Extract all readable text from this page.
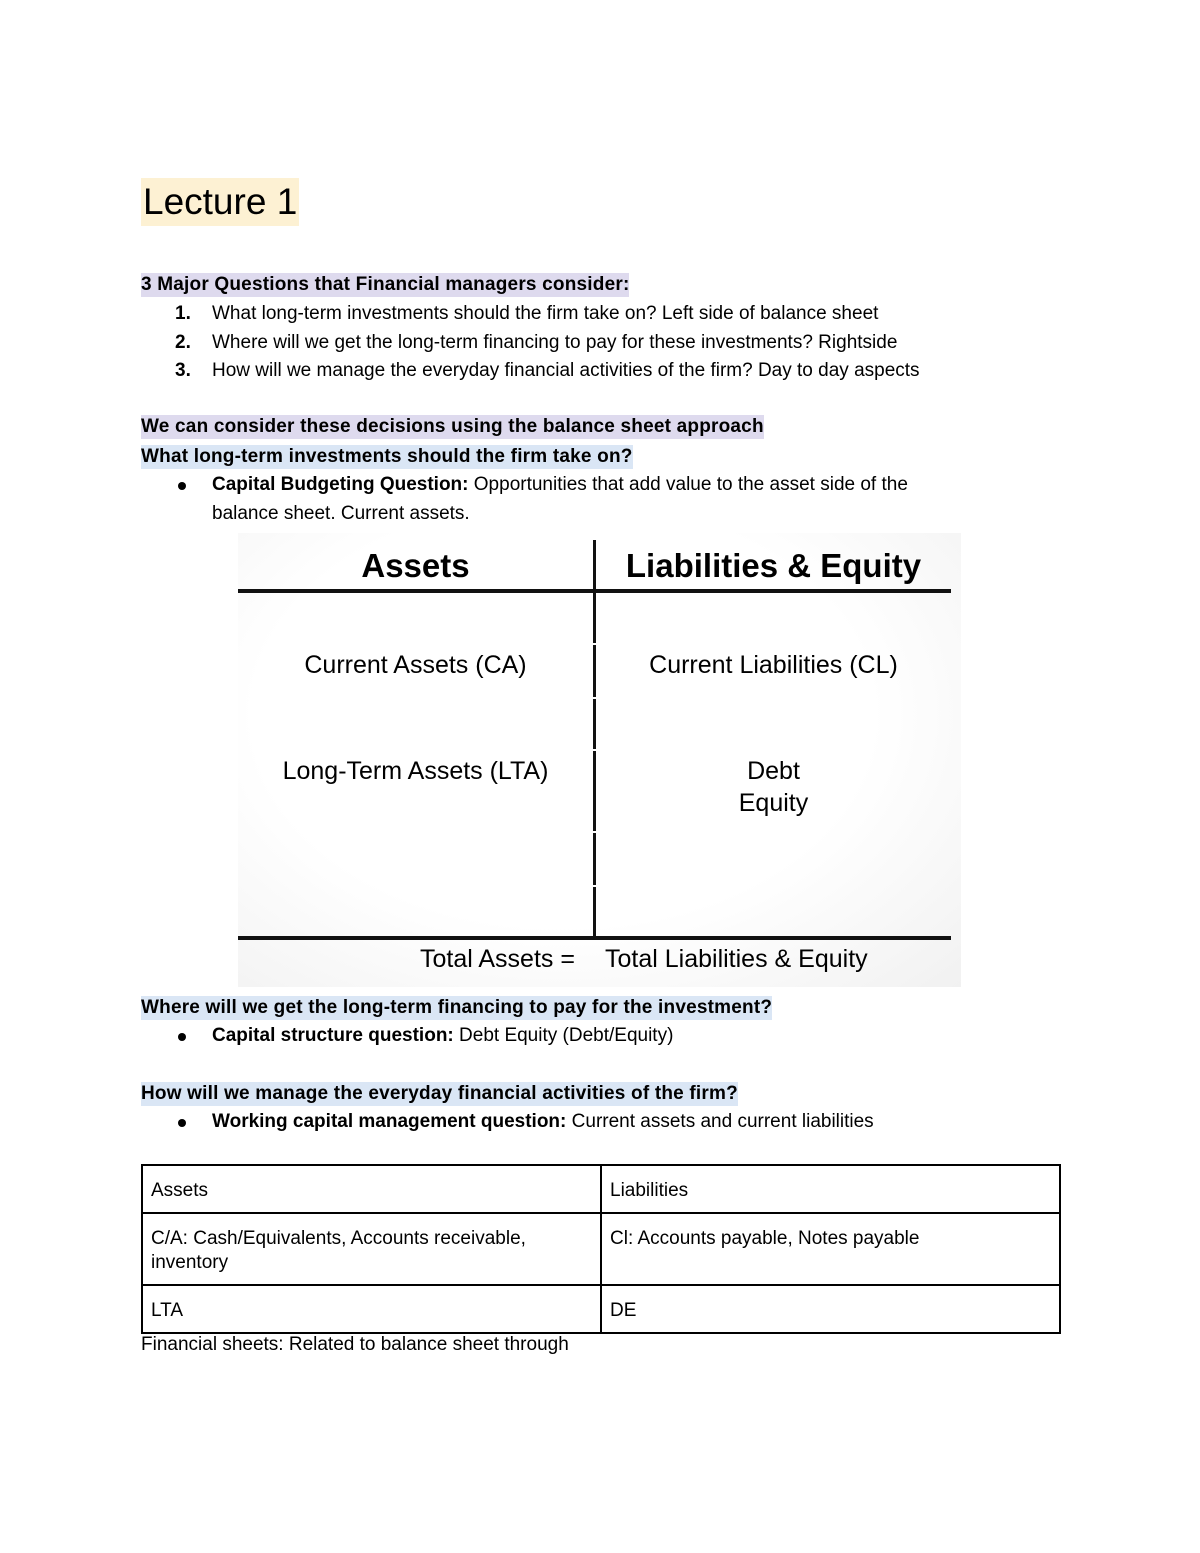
Lecture 1
3 Major Questions that Financial managers consider:
1. What long-term investments should the firm take on? Left side of balance sheet
2. Where will we get the long-term financing to pay for these investments? Rightside
3. How will we manage the everyday financial activities of the firm? Day to day aspects
We can consider these decisions using the balance sheet approach
What long-term investments should the firm take on?
Capital Budgeting Question: Opportunities that add value to the asset side of the
balance sheet. Current assets.
Assets	Liabilities & Equity
Current Assets (CA)	Current Liabilities (CL)
Long-Term Assets (LTA)	Debt
Equity
Total Assets = Total Liabilities & Equity
Where will we get the long-term financing to pay for the investment?
Capital structure question: Debt Equity (Debt/Equity)
How will we manage the everyday financial activities of the firm?
Working capital management question: Current assets and current liabilities
Assets	Liabilities
C/A: Cash/Equivalents, Accounts receivable, inventory	Cl: Accounts payable, Notes payable
LTA	DE
Financial sheets: Related to balance sheet through
